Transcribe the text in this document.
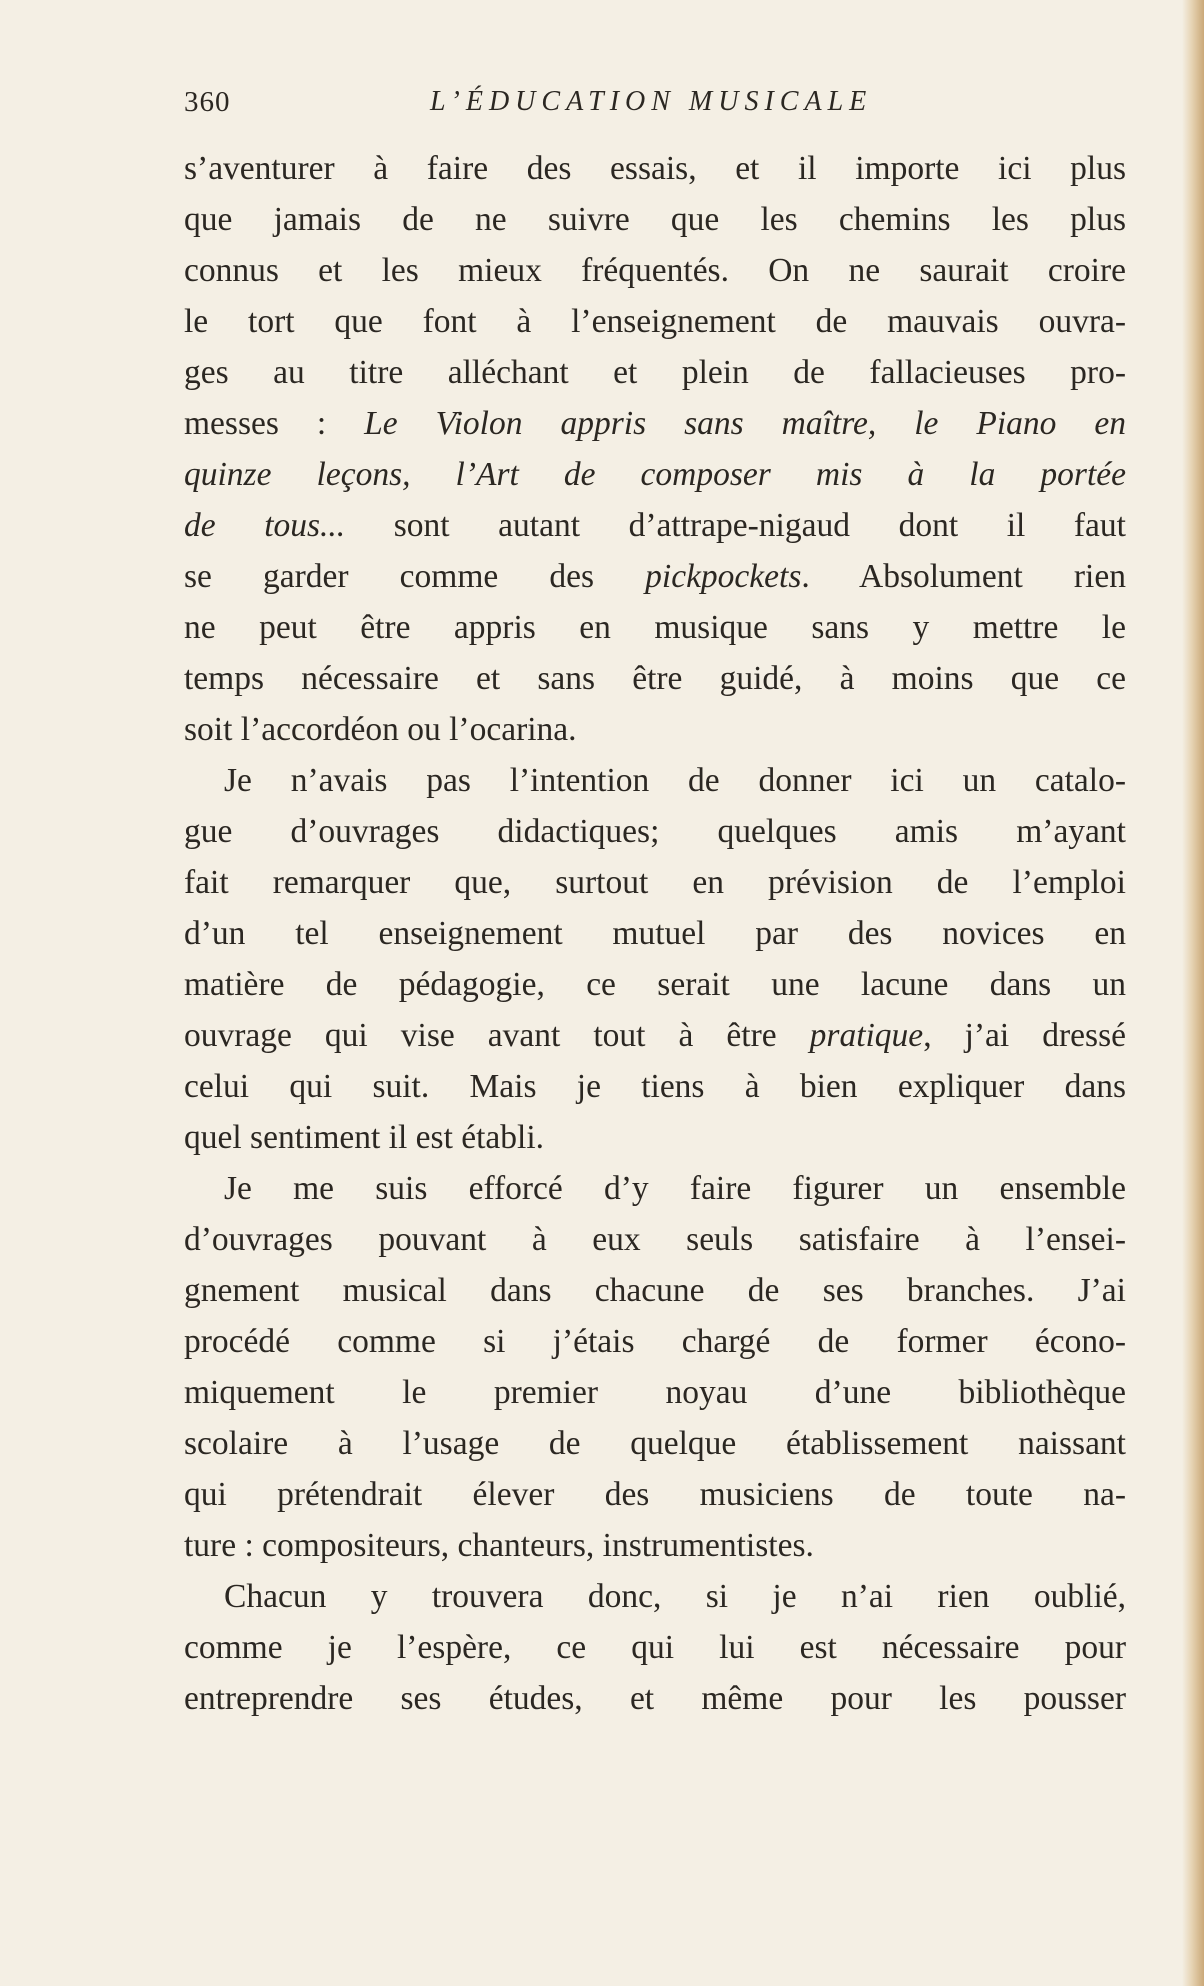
360	L’ÉDUCATION MUSICALE
s’aventurer à faire des essais, et il importe ici plus
que jamais de ne suivre que les chemins les plus
connus et les mieux fréquentés. On ne saurait croire
le tort que font à l’enseignement de mauvais ouvra-
ges au titre alléchant et plein de fallacieuses pro-
messes : Le Violon appris sans maître, le Piano en
quinze leçons, l’Art de composer mis à la portée
de tous... sont autant d’attrape-nigaud dont il faut
se garder comme des pickpockets. Absolument rien
ne peut être appris en musique sans y mettre le
temps nécessaire et sans être guidé, à moins que ce
soit l’accordéon ou l’ocarina.
Je n’avais pas l’intention de donner ici un catalo-
gue d’ouvrages didactiques; quelques amis m’ayant
fait remarquer que, surtout en prévision de l’emploi
d’un tel enseignement mutuel par des novices en
matière de pédagogie, ce serait une lacune dans un
ouvrage qui vise avant tout à être pratique, j’ai dressé
celui qui suit. Mais je tiens à bien expliquer dans
quel sentiment il est établi.
Je me suis efforcé d’y faire figurer un ensemble
d’ouvrages pouvant à eux seuls satisfaire à l’ensei-
gnement musical dans chacune de ses branches. J’ai
procédé comme si j’étais chargé de former écono-
miquement le premier noyau d’une bibliothèque
scolaire à l’usage de quelque établissement naissant
qui prétendrait élever des musiciens de toute na-
ture : compositeurs, chanteurs, instrumentistes.
Chacun y trouvera donc, si je n’ai rien oublié,
comme je l’espère, ce qui lui est nécessaire pour
entreprendre ses études, et même pour les pousser
